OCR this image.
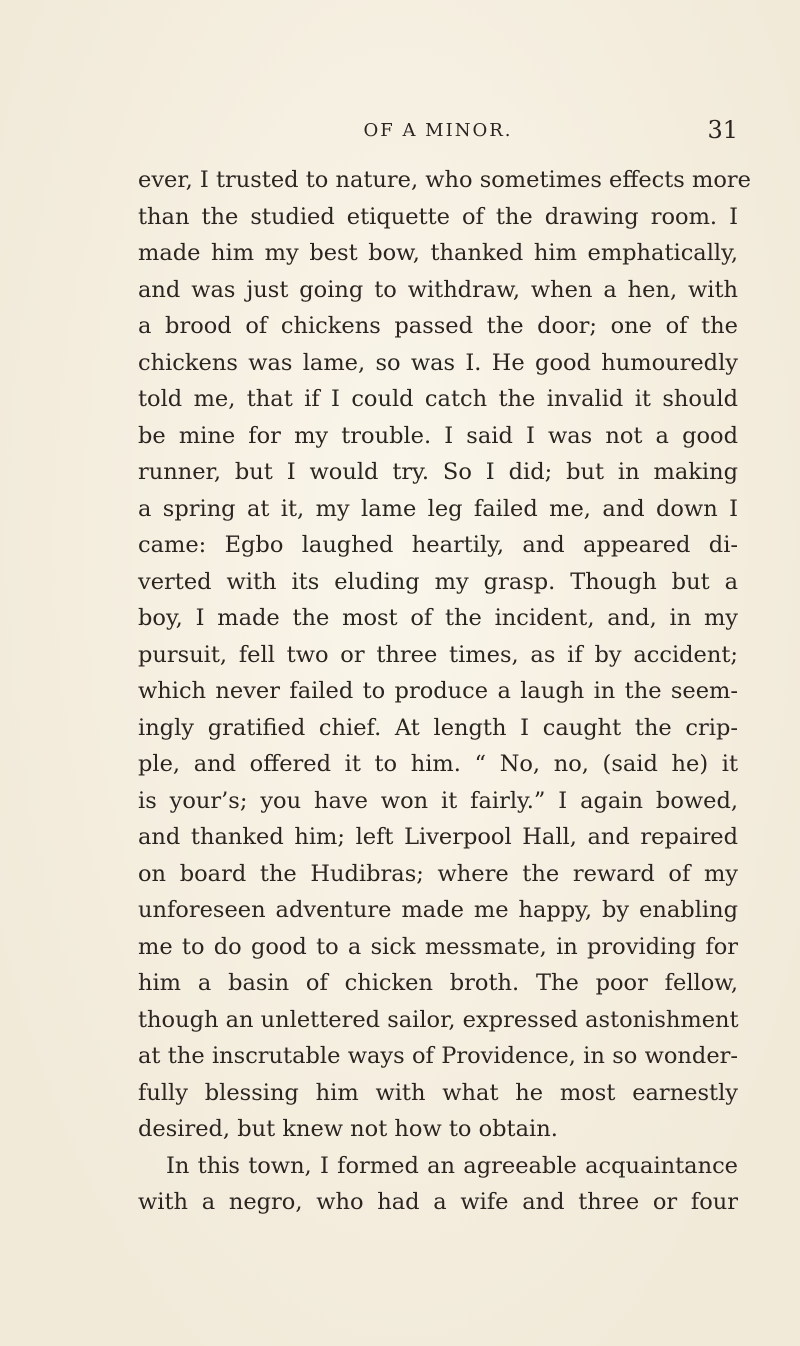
OF A MINOR.	31
ever, I trusted to nature, who sometimes effects more
than the studied etiquette of the drawing room. I
made him my best bow, thanked him emphatically,
and was just going to withdraw, when a hen, with
a brood of chickens passed the door; one of the
chickens was lame, so was I. He good humouredly
told me, that if I could catch the invalid it should
be mine for my trouble. I said I was not a good
runner, but I would try. So I did; but in making
a spring at it, my lame leg failed me, and down I
came: Egbo laughed heartily, and appeared di-
verted with its eluding my grasp. Though but a
boy, I made the most of the incident, and, in my
pursuit, fell two or three times, as if by accident;
which never failed to produce a laugh in the seem-
ingly gratified chief. At length I caught the crip-
ple, and offered it to him. “ No, no, (said he) it
is your’s; you have won it fairly.” I again bowed,
and thanked him; left Liverpool Hall, and repaired
on board the Hudibras; where the reward of my
unforeseen adventure made me happy, by enabling
me to do good to a sick messmate, in providing for
him a basin of chicken broth. The poor fellow,
though an unlettered sailor, expressed astonishment
at the inscrutable ways of Providence, in so wonder-
fully blessing him with what he most earnestly
desired, but knew not how to obtain.
In this town, I formed an agreeable acquaintance
with a negro, who had a wife and three or four
